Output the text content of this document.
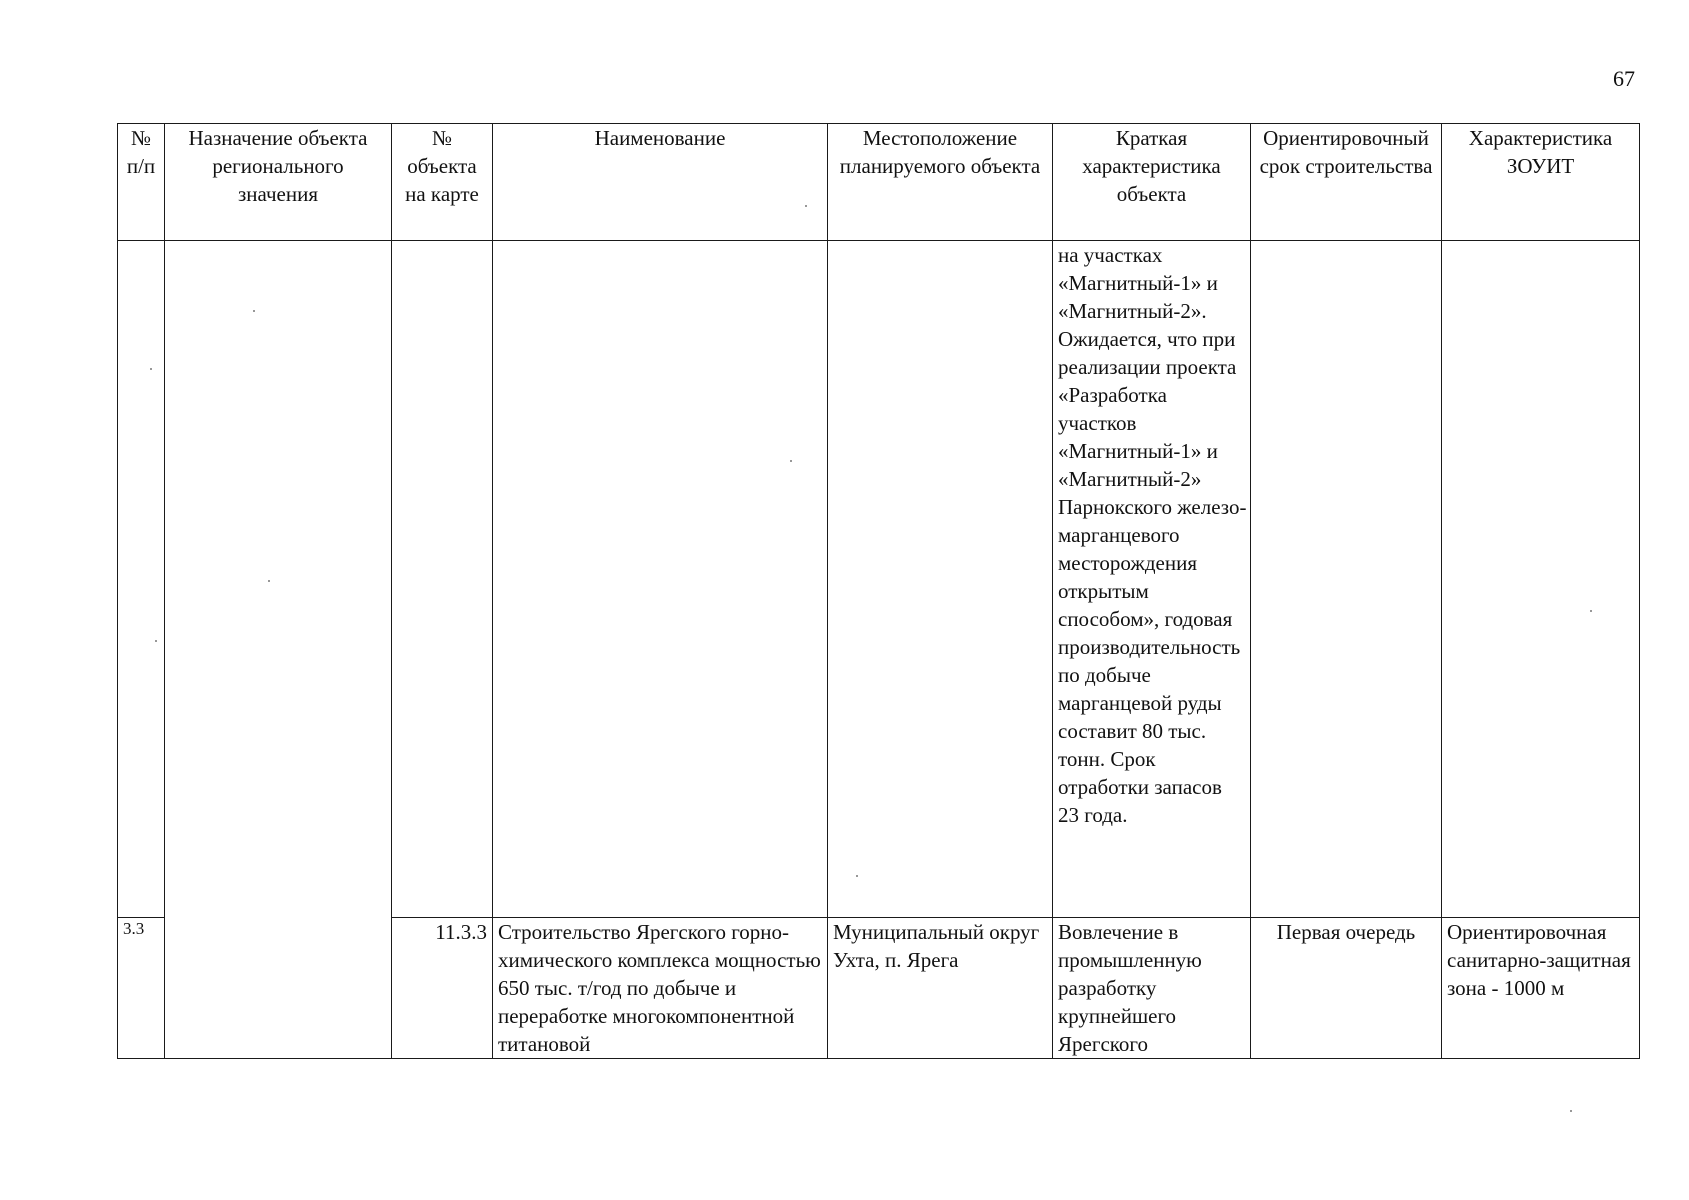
67
№ п/п	Назначение объекта регионального значения	№ объекта на карте	Наименование	Местоположение планируемого объекта	Краткая характеристика объекта	Ориентировочный срок строительства	Характеристика ЗОУИТ
					на участках «Магнитный-1» и «Магнитный-2». Ожидается, что при реализации проекта «Разработка участков «Магнитный-1» и «Магнитный-2» Парнокского железо-марганцевого месторождения открытым способом», годовая производительность по добыче марганцевой руды составит 80 тыс. тонн. Срок отработки запасов 23 года.		
3.3		11.3.3	Строительство Ярегского горно-химического комплекса мощностью 650 тыс. т/год по добыче и переработке многокомпонентной титановой	Муниципальный округ Ухта, п. Ярега	Вовлечение в промышленную разработку крупнейшего Ярегского	Первая очередь	Ориентировочная санитарно-защитная зона - 1000 м
